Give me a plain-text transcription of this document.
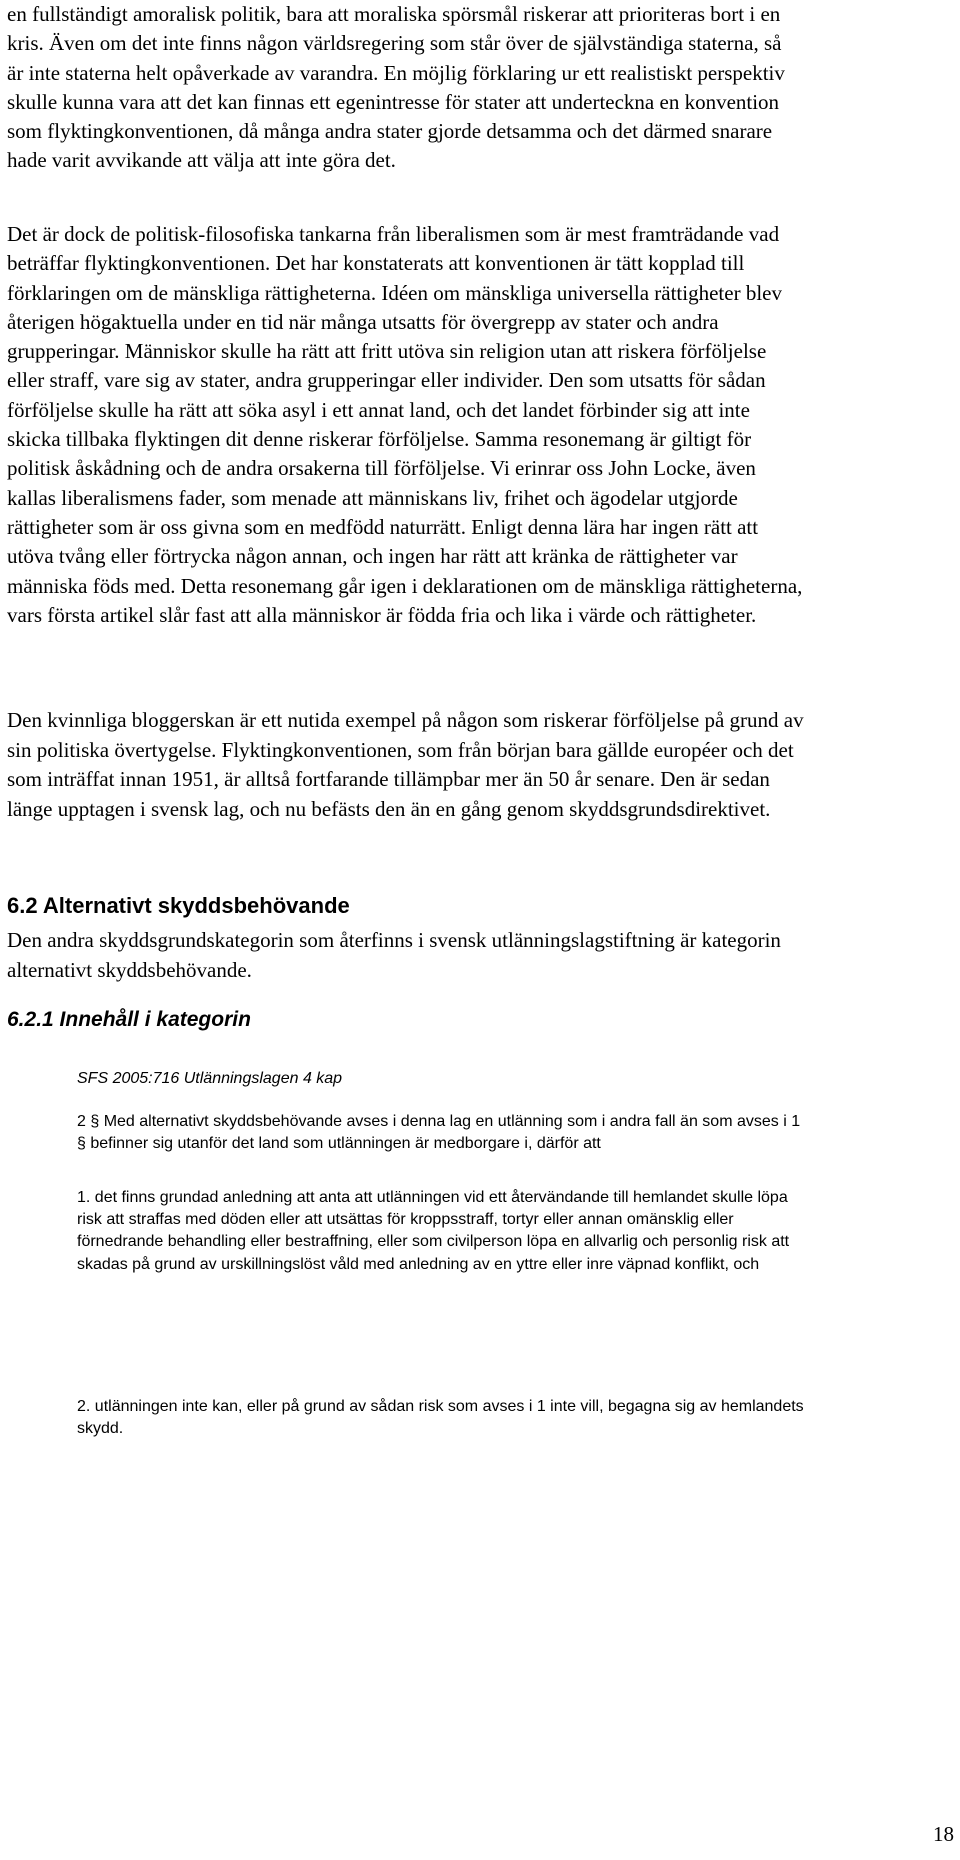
en fullständigt amoralisk politik, bara att moraliska spörsmål riskerar att prioriteras bort i en kris. Även om det inte finns någon världsregering som står över de självständiga staterna, så är inte staterna helt opåverkade av varandra. En möjlig förklaring ur ett realistiskt perspektiv skulle kunna vara att det kan finnas ett egenintresse för stater att underteckna en konvention som flyktingkonventionen, då många andra stater gjorde detsamma och det därmed snarare hade varit avvikande att välja att inte göra det.

Det är dock de politisk-filosofiska tankarna från liberalismen som är mest framträdande vad beträffar flyktingkonventionen. Det har konstaterats att konventionen är tätt kopplad till förklaringen om de mänskliga rättigheterna. Idéen om mänskliga universella rättigheter blev återigen högaktuella under en tid när många utsatts för övergrepp av stater och andra grupperingar. Människor skulle ha rätt att fritt utöva sin religion utan att riskera förföljelse eller straff, vare sig av stater, andra grupperingar eller individer. Den som utsatts för sådan förföljelse skulle ha rätt att söka asyl i ett annat land, och det landet förbinder sig att inte skicka tillbaka flyktingen dit denne riskerar förföljelse. Samma resonemang är giltigt för politisk åskådning och de andra orsakerna till förföljelse. Vi erinrar oss John Locke, även kallas liberalismens fader, som menade att människans liv, frihet och ägodelar utgjorde rättigheter som är oss givna som en medfödd naturrätt. Enligt denna lära har ingen rätt att utöva tvång eller förtrycka någon annan, och ingen har rätt att kränka de rättigheter var människa föds med. Detta resonemang går igen i deklarationen om de mänskliga rättigheterna, vars första artikel slår fast att alla människor är födda fria och lika i värde och rättigheter.

Den kvinnliga bloggerskan är ett nutida exempel på någon som riskerar förföljelse på grund av sin politiska övertygelse. Flyktingkonventionen, som från början bara gällde européer och det som inträffat innan 1951, är alltså fortfarande tillämpbar mer än 50 år senare. Den är sedan länge upptagen i svensk lag, och nu befästs den än en gång genom skyddsgrundsdirektivet.

6.2 Alternativt skyddsbehövande

Den andra skyddsgrundskategorin som återfinns i svensk utlänningslagstiftning är kategorin alternativt skyddsbehövande.

6.2.1 Innehåll i kategorin

SFS 2005:716 Utlänningslagen 4 kap

2 § Med alternativt skyddsbehövande avses i denna lag en utlänning som i andra fall än som avses i 1 § befinner sig utanför det land som utlänningen är medborgare i, därför att

1. det finns grundad anledning att anta att utlänningen vid ett återvändande till hemlandet skulle löpa risk att straffas med döden eller att utsättas för kroppsstraff, tortyr eller annan omänsklig eller förnedrande behandling eller bestraffning, eller som civilperson löpa en allvarlig och personlig risk att skadas på grund av urskillningslöst våld med anledning av en yttre eller inre väpnad konflikt, och

2. utlänningen inte kan, eller på grund av sådan risk som avses i 1 inte vill, begagna sig av hemlandets skydd.

18
